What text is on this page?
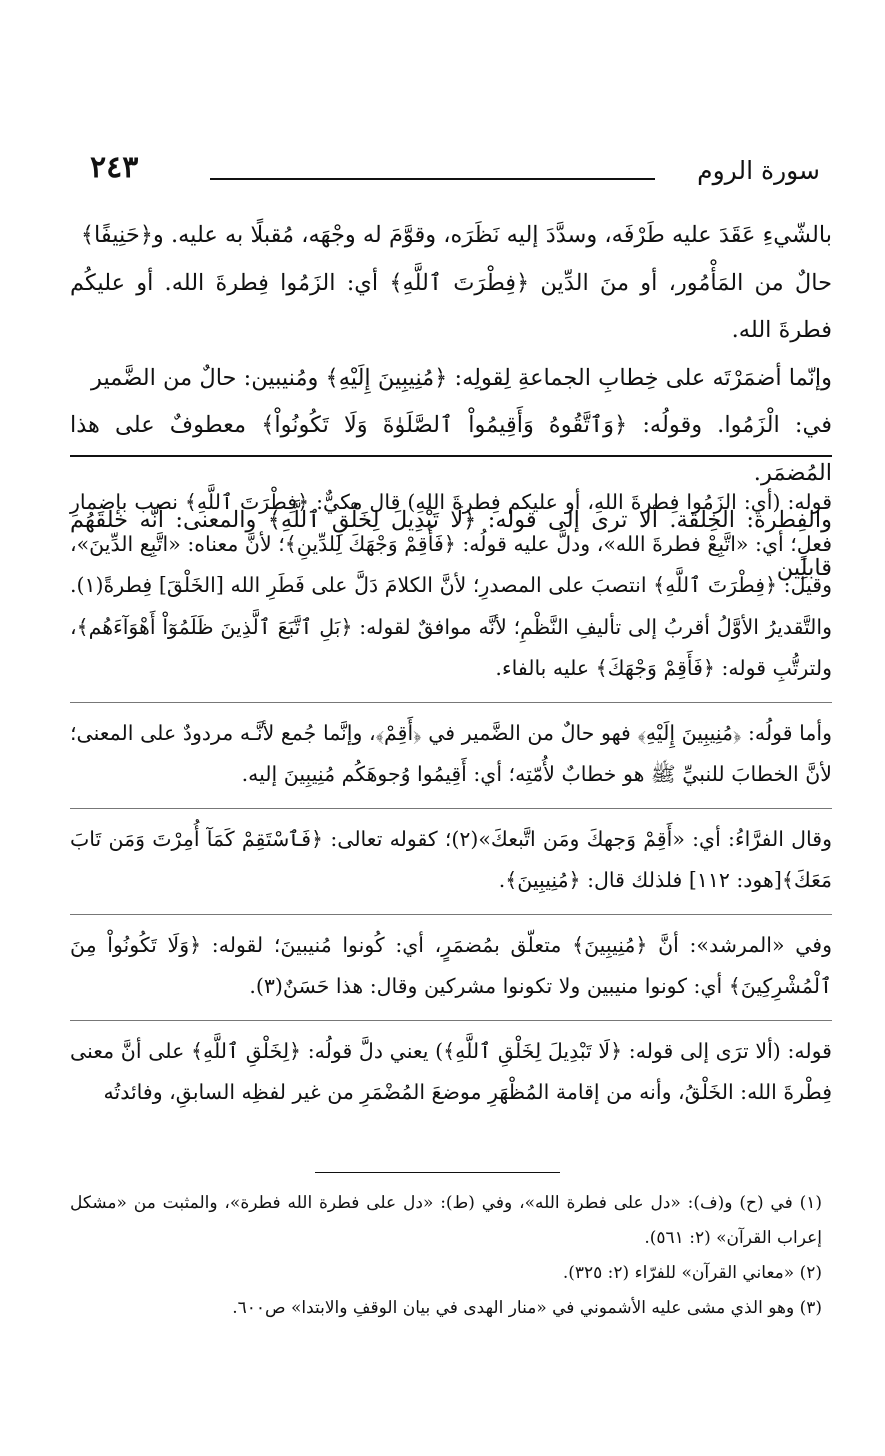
٢٤٣	سورة الروم
بالشّيءِ عَقَدَ عليه طَرْفَه، وسدَّدَ إليه نَظَرَه، وقوَّمَ له وجْهَه، مُقبلًا به عليه. و﴿حَنِيفًا﴾
حالٌ من المَأْمُور، أو منَ الدِّين ﴿فِطْرَتَ ٱللَّهِ﴾ أي: الزَمُوا فِطرةَ الله. أو عليكُم فطرةَ الله.
وإنّما أضمَرْتَه على خِطابِ الجماعةِ لِقولِه: ﴿مُنِيبِينَ إِلَيْهِ﴾ ومُنيبين: حالٌ من الضَّمير
في: الْزَمُوا. وقولُه: ﴿وَٱتَّقُوهُ وَأَقِيمُواْ ٱلصَّلَوٰةَ وَلَا تَكُونُواْ﴾ معطوفٌ على هذا المُضمَر.
والفِطرة: الخِلقَة. ألا ترى إلى قوله: ﴿لَا تَبْدِيلَ لِخَلْقِ ٱللَّهِ﴾ والمعنى: أنّه خلقَهُم قابلِين

قوله: (أي: الزَمُوا فِطرةَ اللهِ، أو عليكم فِطرةَ اللهِ) قال مكيٌّ: ﴿فِطْرَتَ ٱللَّهِ﴾ نصب بإضمارِ فعلٍ؛ أي: «اتَّبِعْ فطرةَ الله»، ودلَّ عليه قولُه: ﴿فَأَقِمْ وَجْهَكَ لِلدِّينِ﴾؛ لأنَّ معناه: «اتَّبِع الدِّينَ»، وقيل: ﴿فِطْرَتَ ٱللَّهِ﴾ انتصبَ على المصدرِ؛ لأنَّ الكلامَ دَلَّ على فَطَرِ الله [الخَلْقَ] فِطرةً(١). والتَّقديرُ الأوَّلُ أقربُ إلى تأليفِ النَّظْمِ؛ لأنَّه موافقٌ لقوله: ﴿بَلِ ٱتَّبَعَ ٱلَّذِينَ ظَلَمُوٓاْ أَهْوَآءَهُم﴾، ولترتُّبِ قوله: ﴿فَأَقِمْ وَجْهَكَ﴾ عليه بالفاء.

وأما قولُه: ﴿مُنِيبِينَ إِلَيْهِ﴾ فهو حالٌ من الضَّمير في ﴿أَقِمْ﴾، وإنَّما جُمع لأنَّـه مردودٌ على المعنى؛ لأنَّ الخطابَ للنبيِّ ﷺ هو خطابٌ لأُمّتِه؛ أي: أَقِيمُوا وُجوهَكُم مُنِيبِينَ إليه.

وقال الفرَّاءُ: أي: «أَقِمْ وَجهكَ ومَن اتَّبعكَ»(٢)؛ كقوله تعالى: ﴿فَٱسْتَقِمْ كَمَآ أُمِرْتَ وَمَن تَابَ مَعَكَ﴾[هود: ١١٢] فلذلك قال: ﴿مُنِيبِينَ﴾.

وفي «المرشد»: أنَّ ﴿مُنِيبِينَ﴾ متعلّق بمُضمَرٍ، أي: كُونوا مُنيبينَ؛ لقوله: ﴿وَلَا تَكُونُواْ مِنَ ٱلْمُشْرِكِينَ﴾ أي: كونوا منيبين ولا تكونوا مشركين وقال: هذا حَسَنٌ(٣).

قوله: (ألا ترَى إلى قوله: ﴿لَا تَبْدِيلَ لِخَلْقِ ٱللَّهِ﴾) يعني دلَّ قولُه: ﴿لِخَلْقِ ٱللَّهِ﴾ على أنَّ معنى فِطْرةَ الله: الخَلْقُ، وأنه من إقامة المُظْهَرِ موضعَ المُضْمَرِ من غير لفظِه السابقِ، وفائدتُه

(١) في (ح) و(ف): «دل على فطرة الله»، وفي (ط): «دل على فطرة الله فطرة»، والمثبت من «مشكل إعراب القرآن» (٢: ٥٦١).

(٢) «معاني القرآن» للفرّاء (٢: ٣٢٥).

(٣) وهو الذي مشى عليه الأشموني في «منار الهدى في بيان الوقفِ والابتدا» ص٦٠٠.
